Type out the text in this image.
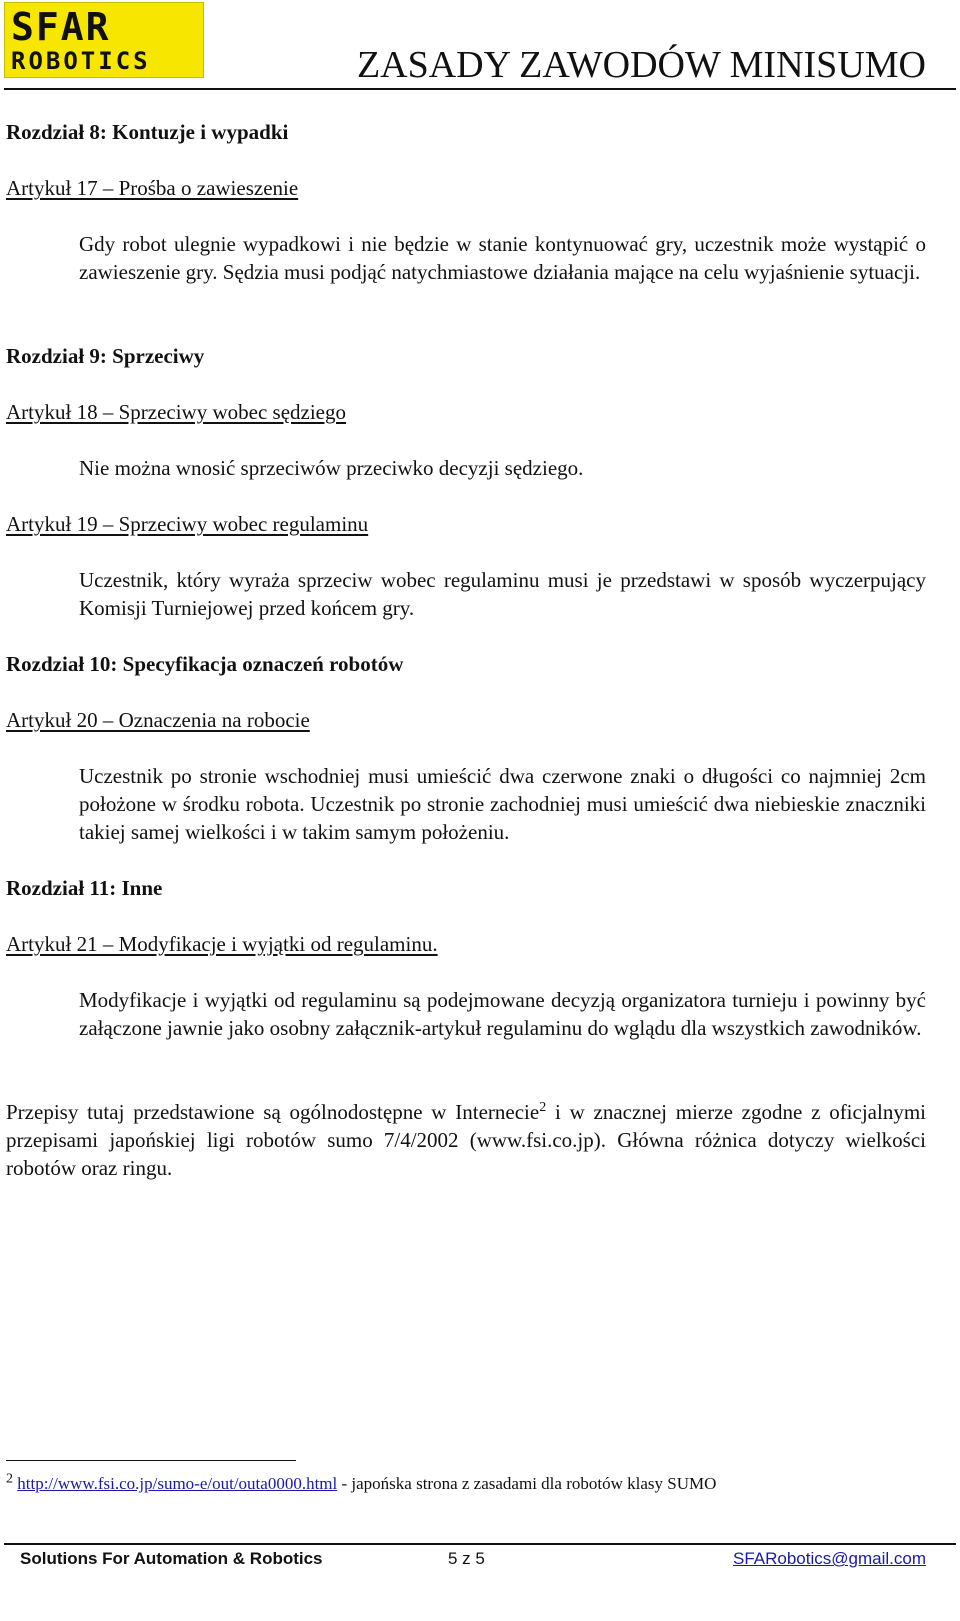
SFAR
ROBOTICS	ZASADY ZAWODÓW MINISUMO
Rozdział 8: Kontuzje i wypadki
Artykuł 17 – Prośba o zawieszenie
Gdy robot ulegnie wypadkowi i nie będzie w stanie kontynuować gry, uczestnik może wystąpić o zawieszenie gry. Sędzia musi podjąć natychmiastowe działania mające na celu wyjaśnienie sytuacji.
Rozdział 9: Sprzeciwy
Artykuł 18 – Sprzeciwy wobec sędziego
Nie można wnosić sprzeciwów przeciwko decyzji sędziego.
Artykuł 19 – Sprzeciwy wobec regulaminu
Uczestnik, który wyraża sprzeciw wobec regulaminu musi je przedstawi w sposób wyczerpujący Komisji Turniejowej przed końcem gry.
Rozdział 10: Specyfikacja oznaczeń robotów
Artykuł 20 – Oznaczenia na robocie
Uczestnik po stronie wschodniej musi umieścić dwa czerwone znaki o długości co najmniej 2cm położone w środku robota. Uczestnik po stronie zachodniej musi umieścić dwa niebieskie znaczniki takiej samej wielkości i w takim samym położeniu.
Rozdział 11: Inne
Artykuł 21 – Modyfikacje i wyjątki od regulaminu.
Modyfikacje i wyjątki od regulaminu są podejmowane decyzją organizatora turnieju i powinny być załączone jawnie jako osobny załącznik-artykuł regulaminu do wglądu dla wszystkich zawodników.
Przepisy tutaj przedstawione są ogólnodostępne w Internecie$^2$ i w znacznej mierze zgodne z oficjalnymi przepisami japońskiej ligi robotów sumo 7/4/2002 (www.fsi.co.jp). Główna różnica dotyczy wielkości robotów oraz ringu.
$^2$ http://www.fsi.co.jp/sumo-e/out/outa0000.html - japońska strona z zasadami dla robotów klasy SUMO
Solutions For Automation & Robotics	5 z 5	SFARobotics@gmail.com
